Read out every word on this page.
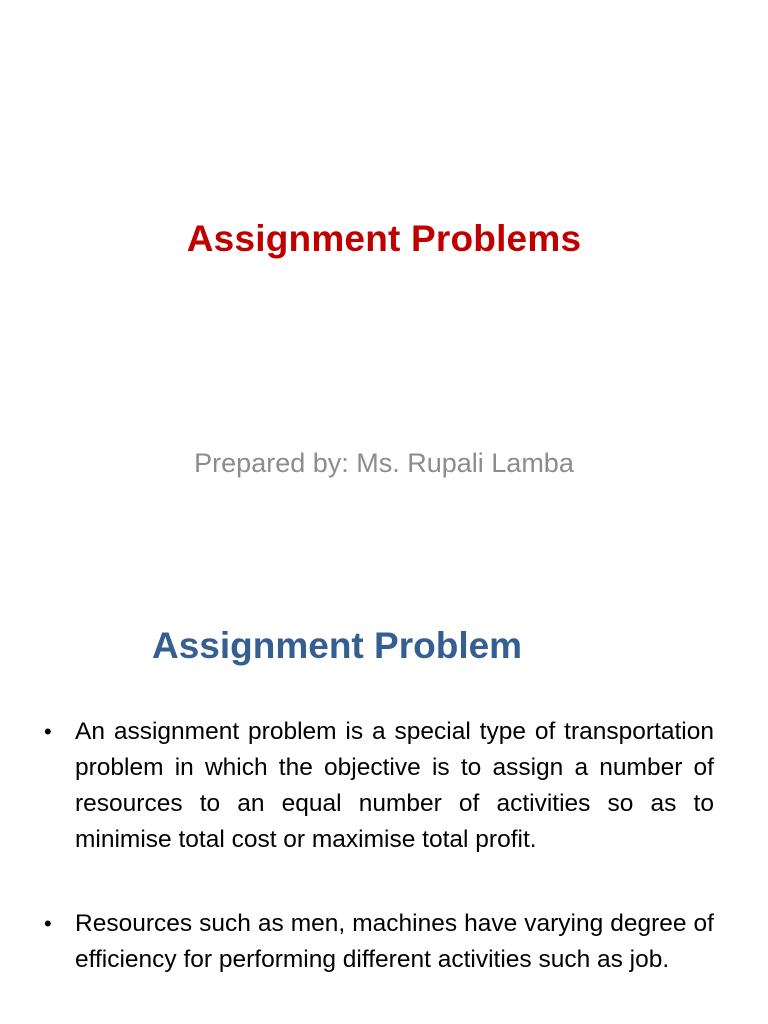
Assignment Problems

Prepared by: Ms. Rupali Lamba

Assignment Problem
• An assignment problem is a special type of transportation problem in which the objective is to assign a number of resources to an equal number of activities so as to minimise total cost or maximise total profit.
• Resources such as men, machines have varying degree of efficiency for performing different activities such as job.
